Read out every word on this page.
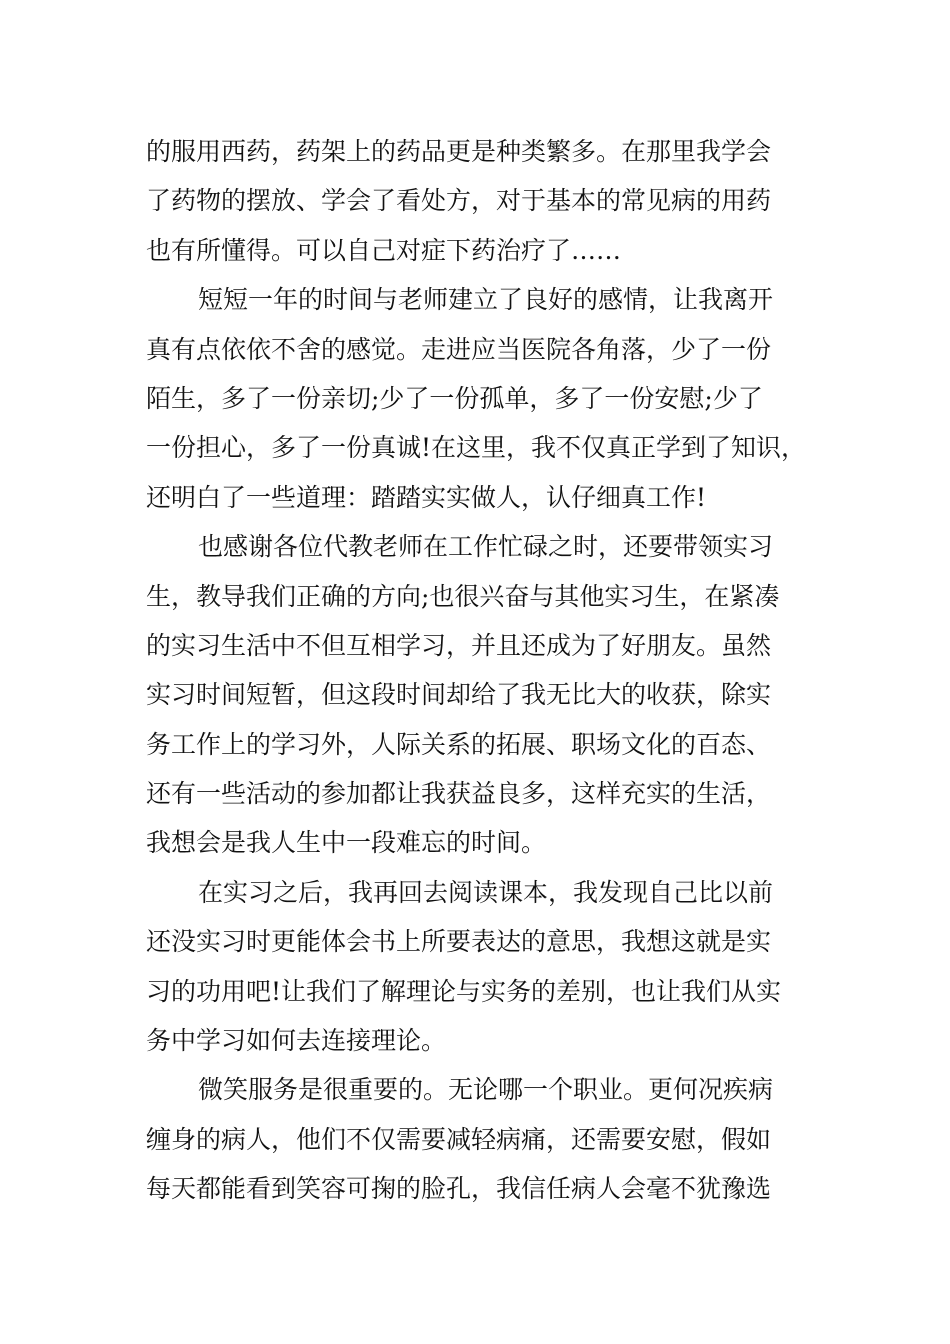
的服用西药，药架上的药品更是种类繁多。在那里我学会
了药物的摆放、学会了看处方，对于基本的常见病的用药
也有所懂得。可以自己对症下药治疗了……
短短一年的时间与老师建立了良好的感情，让我离开
真有点依依不舍的感觉。走进应当医院各角落，少了一份
陌生，多了一份亲切;少了一份孤单，多了一份安慰;少了
一份担心，多了一份真诚!在这里，我不仅真正学到了知识，
还明白了一些道理：踏踏实实做人，认仔细真工作!
也感谢各位代教老师在工作忙碌之时，还要带领实习
生，教导我们正确的方向;也很兴奋与其他实习生，在紧凑
的实习生活中不但互相学习，并且还成为了好朋友。虽然
实习时间短暂，但这段时间却给了我无比大的收获，除实
务工作上的学习外，人际关系的拓展、职场文化的百态、
还有一些活动的参加都让我获益良多，这样充实的生活，
我想会是我人生中一段难忘的时间。
在实习之后，我再回去阅读课本，我发现自己比以前
还没实习时更能体会书上所要表达的意思，我想这就是实
习的功用吧!让我们了解理论与实务的差别，也让我们从实
务中学习如何去连接理论。
微笑服务是很重要的。无论哪一个职业。更何况疾病
缠身的病人，他们不仅需要减轻病痛，还需要安慰，假如
每天都能看到笑容可掬的脸孔，我信任病人会毫不犹豫选
